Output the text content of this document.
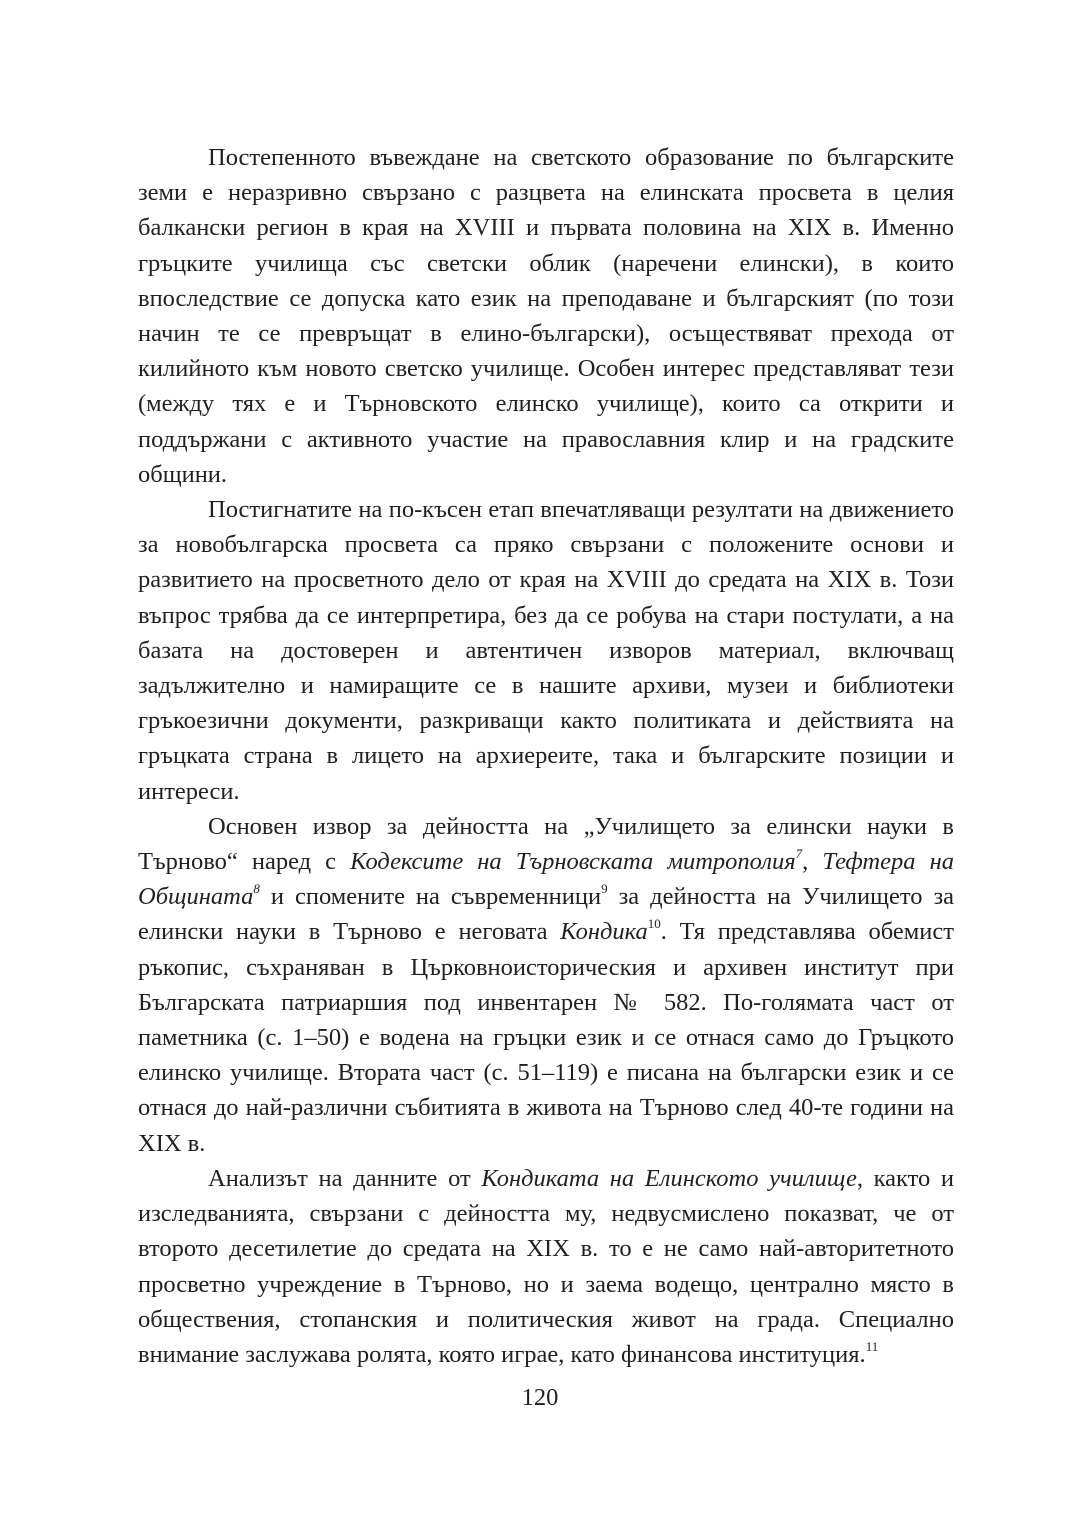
Постепенното въвеждане на светското образование по българските земи е неразривно свързано с разцвета на елинската просвета в целия балкански регион в края на XVIII и първата половина на XIX в. Именно гръцките училища със светски облик (наречени елински), в които впоследствие се допуска като език на преподаване и българският (по този начин те се превръщат в елино-български), осъществяват прехода от килийното към новото светско училище. Особен интерес представляват тези (между тях е и Търновското елинско училище), които са открити и поддържани с активното участие на православния клир и на градските общини.

Постигнатите на по-късен етап впечатляващи резултати на движението за новобългарска просвета са пряко свързани с положените основи и развитието на просветното дело от края на XVIII до средата на XIX в. Този въпрос трябва да се интерпретира, без да се робува на стари постулати, а на базата на достоверен и автентичен изворов материал, включващ задължително и намиращите се в нашите архиви, музеи и библиотеки гръкоезични документи, разкриващи както политиката и действията на гръцката страна в лицето на архиереите, така и българските позиции и интереси.

Основен извор за дейността на „Училището за елински науки в Търново“ наред с Кодексите на Търновската митрополия$^7$, Тефтера на Общината$^8$ и спомените на съвременници$^9$ за дейността на Училището за елински науки в Търново е неговата Кондика$^{10}$. Тя представлява обемист ръкопис, съхраняван в Църковноисторическия и архивен институт при Българската патриаршия под инвентарен № 582. По-голямата част от паметника (с. 1–50) е водена на гръцки език и се отнася само до Гръцкото елинско училище. Втората част (с. 51–119) е писана на български език и се отнася до най-различни събитията в живота на Търново след 40-те години на XIX в.

Анализът на данните от Кондиката на Елинското училище, както и изследванията, свързани с дейността му, недвусмислено показват, че от второто десетилетие до средата на XIX в. то е не само най-авторитетното просветно учреждение в Търново, но и заема водещо, централно място в обществения, стопанския и политическия живот на града. Специално внимание заслужава ролята, която играе, като финансова институция.$^{11}$

120
